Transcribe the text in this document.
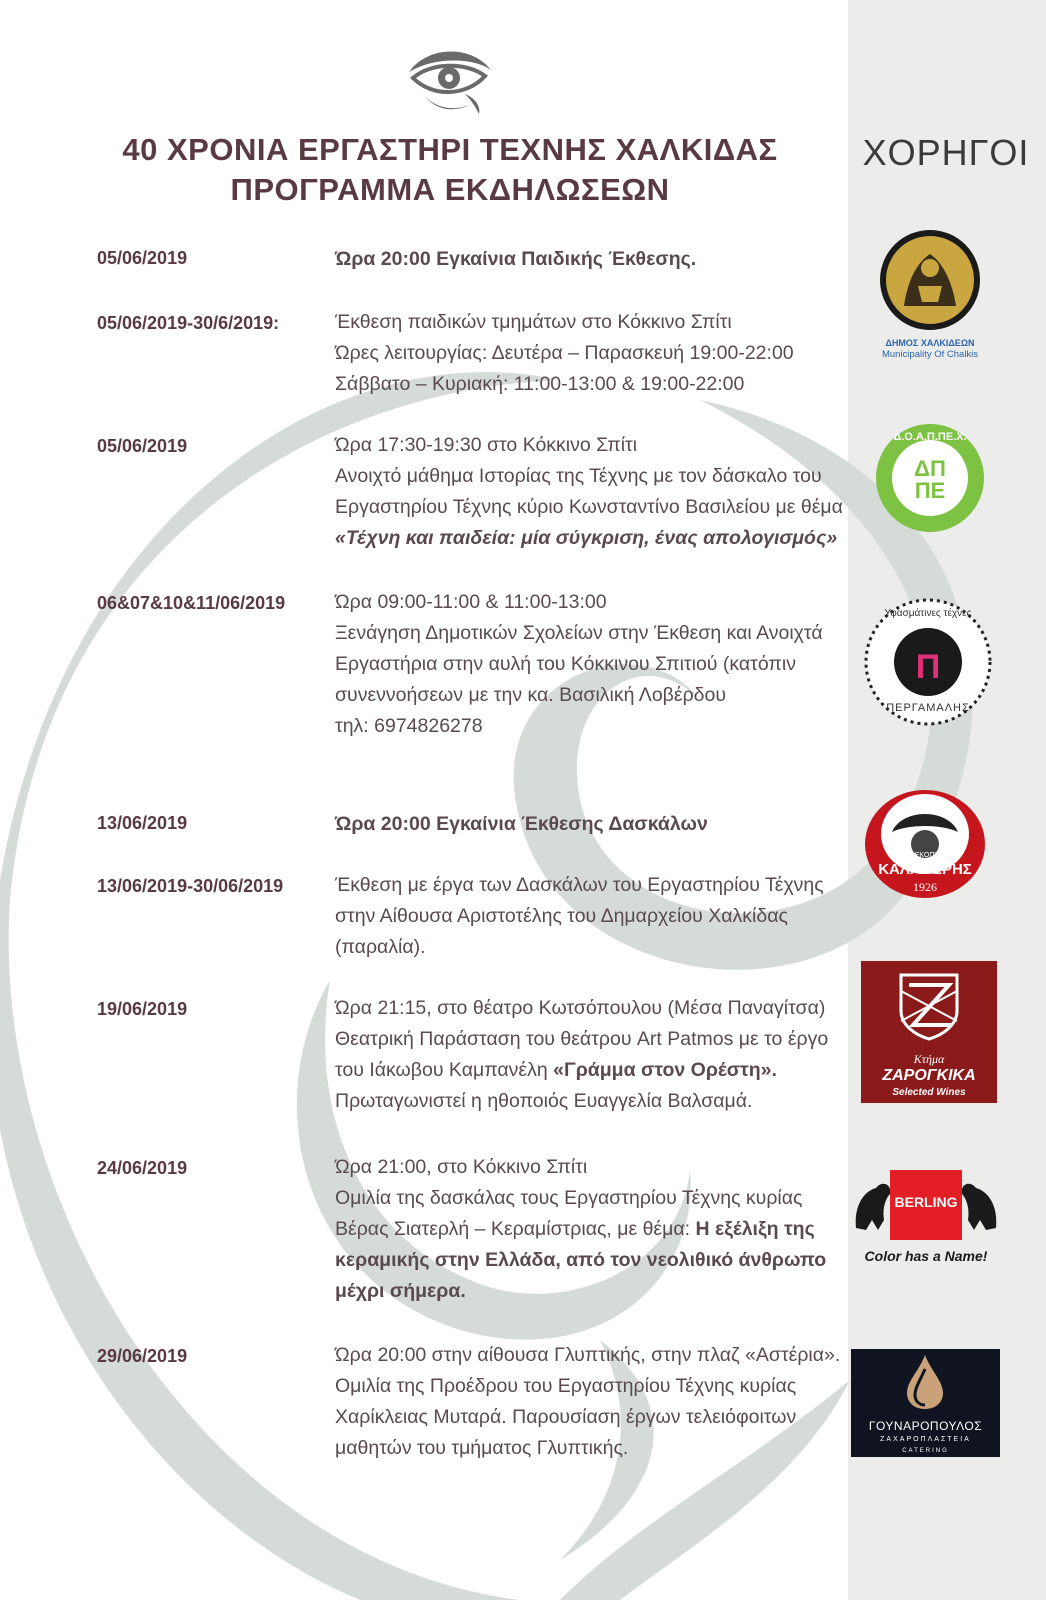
40 ΧΡΟΝΙΑ ΕΡΓΑΣΤΗΡΙ ΤΕΧΝΗΣ ΧΑΛΚΙΔΑΣ
ΠΡΟΓΡΑΜΜΑ ΕΚΔΗΛΩΣΕΩΝ
ΧΟΡΗΓΟΙ
05/06/2019	Ώρα 20:00 Εγκαίνια Παιδικής Έκθεσης.
05/06/2019-30/6/2019:	Έκθεση παιδικών τμημάτων στο Κόκκινο Σπίτι
Ώρες λειτουργίας: Δευτέρα – Παρασκευή 19:00-22:00
Σάββατο – Κυριακή: 11:00-13:00 & 19:00-22:00
05/06/2019	Ώρα 17:30-19:30 στο Κόκκινο Σπίτι
Ανοιχτό μάθημα Ιστορίας της Τέχνης με τον δάσκαλο του
Εργαστηρίου Τέχνης κύριο Κωνσταντίνο Βασιλείου με θέμα
«Τέχνη και παιδεία: μία σύγκριση, ένας απολογισμός»
06&07&10&11/06/2019	Ώρα 09:00-11:00 & 11:00-13:00
Ξενάγηση Δημοτικών Σχολείων στην Έκθεση και Ανοιχτά
Εργαστήρια στην αυλή του Κόκκινου Σπιτιού (κατόπιν
συνεννοήσεων με την κα. Βασιλική Λοβέρδου
τηλ: 6974826278
13/06/2019	Ώρα 20:00 Εγκαίνια Έκθεσης Δασκάλων
13/06/2019-30/06/2019	Έκθεση με έργα των Δασκάλων του Εργαστηρίου Τέχνης
στην Αίθουσα Αριστοτέλης του Δημαρχείου Χαλκίδας
(παραλία).
19/06/2019	Ώρα 21:15, στο θέατρο Κωτσόπουλου (Μέσα Παναγίτσα)
Θεατρική Παράσταση του θεάτρου Art Patmos με το έργο
του Ιάκωβου Καμπανέλη «Γράμμα στον Ορέστη».
Πρωταγωνιστεί η ηθοποιός Ευαγγελία Βαλσαμά.
24/06/2019	Ώρα 21:00, στο Κόκκινο Σπίτι
Ομιλία της δασκάλας τους Εργαστηρίου Τέχνης κυρίας
Βέρας Σιατερλή – Κεραμίστριας, με θέμα: Η εξέλιξη της
κεραμικής στην Ελλάδα, από τον νεολιθικό άνθρωπο
μέχρι σήμερα.
29/06/2019	Ώρα 20:00 στην αίθουσα Γλυπτικής, στην πλαζ «Αστέρια».
Ομιλία της Προέδρου του Εργαστηρίου Τέχνης κυρίας
Χαρίκλειας Μυταρά. Παρουσίαση έργων τελειόφοιτων
μαθητών του τμήματος Γλυπτικής.
ΔΗΜΟΣ ΧΑΛΚΙΔΕΩΝ
Municipality Of Chalkis
Δ.Ο.Α.Π.ΠΕ.Χ.
ΔΠ ΠΕ
Π
Υφασμάτινες τέχνες
ΠΕΡΓΑΜΑΛΗΣ
ΚΑΦΕΚΟΠΤΕΙΑ
ΚΑΛΑΘΕΡΗΣ
1926
Κτήμα
ΖΑΡΟΓΚΙΚΑ
Selected Wines
BERLING
Color has a Name!
ΓΟΥΝΑΡΟΠΟΥΛΟΣ
ΖΑΧΑΡΟΠΛΑΣΤΕΙΑ
CATERING
